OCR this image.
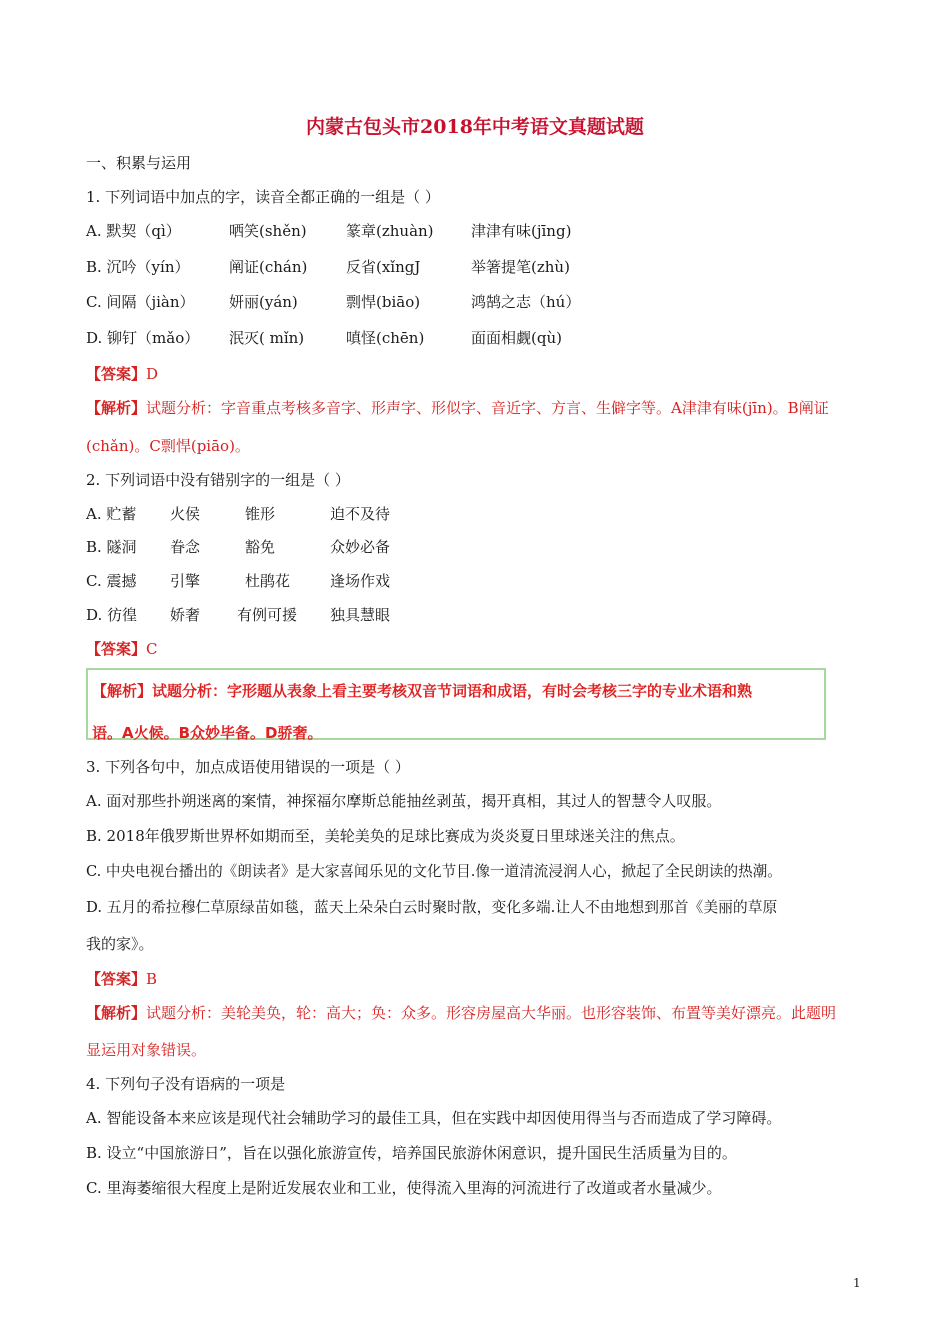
内蒙古包头市2018年中考语文真题试题
一、积累与运用
1. 下列词语中加点的字，读音全都正确的一组是（ ）
A. 默契（qì）	哂笑(shěn)	篆章(zhuàn) 津津有味(jīng)
B. 沉吟（yín）	阐证(chán)	反省(xǐngJ	举箸提笔(zhù)
C. 间隔（jiàn） 妍丽(yán)	剽悍(biāo)	鸿鹄之志（hú）
D. 铆钉（mǎo） 泯灭( mǐn)	嗔怪(chēn)	面面相觑(qù)
【答案】D
【解析】试题分析：字音重点考核多音字、形声字、形似字、音近字、方言、生僻字等。A津津有味(jīn)。B阐证
(chǎn)。C剽悍(piāo)。
2. 下列词语中没有错别字的一组是（ ）
A. 贮蓄 火侯	锥形	迫不及待
B. 隧洞 眷念	豁免	众妙必备
C. 震撼 引擎	杜鹃花	逢场作戏
D. 彷徨 娇奢 有例可援 独具慧眼
【答案】C
【解析】试题分析：字形题从表象上看主要考核双音节词语和成语，有时会考核三字的专业术语和熟
语。A火候。B众妙毕备。D骄奢。
3. 下列各句中，加点成语使用错误的一项是（ ）
A. 面对那些扑朔迷离的案情，神探福尔摩斯总能抽丝剥茧，揭开真相，其过人的智慧令人叹服。
B. 2018年俄罗斯世界杯如期而至，美轮美奂的足球比赛成为炎炎夏日里球迷关注的焦点。
C. 中央电视台播出的《朗读者》是大家喜闻乐见的文化节目.像一道清流浸润人心，掀起了全民朗读的热潮。
D. 五月的希拉穆仁草原绿苗如毯，蓝天上朵朵白云时聚时散，变化多端.让人不由地想到那首《美丽的草原
我的家》。
【答案】B
【解析】试题分析：美轮美奂，轮：高大；奂：众多。形容房屋高大华丽。也形容装饰、布置等美好漂亮。此题明
显运用对象错误。
4. 下列句子没有语病的一项是
A. 智能设备本来应该是现代社会辅助学习的最佳工具，但在实践中却因使用得当与否而造成了学习障碍。
B. 设立“中国旅游日”，旨在以强化旅游宣传，培养国民旅游休闲意识，提升国民生活质量为目的。
C. 里海萎缩很大程度上是附近发展农业和工业，使得流入里海的河流进行了改道或者水量减少。
1
